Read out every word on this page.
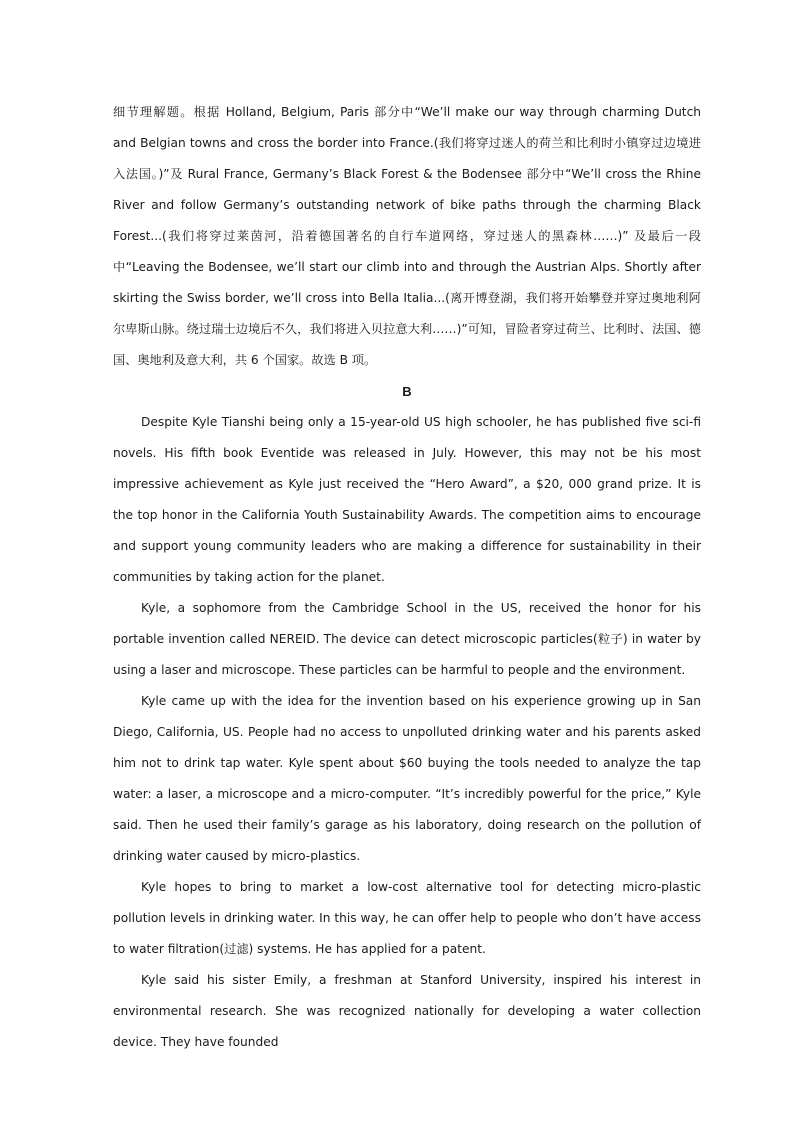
细节理解题。根据 Holland, Belgium, Paris 部分中“We’ll make our way through charming Dutch and Belgian towns and cross the border into France.(我们将穿过迷人的荷兰和比利时小镇穿过边境进入法国。)”及 Rural France, Germany’s Black Forest & the Bodensee 部分中“We’ll cross the Rhine River and follow Germany’s outstanding network of bike paths through the charming Black Forest...(我们将穿过莱茵河，沿着德国著名的自行车道网络，穿过迷人的黑森林……)” 及最后一段中“Leaving the Bodensee, we’ll start our climb into and through the Austrian Alps. Shortly after skirting the Swiss border, we’ll cross into Bella Italia...(离开博登湖，我们将开始攀登并穿过奥地利阿尔卑斯山脉。绕过瑞士边境后不久，我们将进入贝拉意大利……)”可知，冒险者穿过荷兰、比利时、法国、德国、奥地利及意大利，共 6 个国家。故选 B 项。

B

Despite Kyle Tianshi being only a 15-year-old US high schooler, he has published five sci-fi novels. His fifth book Eventide was released in July. However, this may not be his most impressive achievement as Kyle just received the “Hero Award”, a $20, 000 grand prize. It is the top honor in the California Youth Sustainability Awards. The competition aims to encourage and support young community leaders who are making a difference for sustainability in their communities by taking action for the planet.

Kyle, a sophomore from the Cambridge School in the US, received the honor for his portable invention called NEREID. The device can detect microscopic particles(粒子) in water by using a laser and microscope. These particles can be harmful to people and the environment.

Kyle came up with the idea for the invention based on his experience growing up in San Diego, California, US. People had no access to unpolluted drinking water and his parents asked him not to drink tap water. Kyle spent about $60 buying the tools needed to analyze the tap water: a laser, a microscope and a micro-computer. “It’s incredibly powerful for the price,” Kyle said. Then he used their family’s garage as his laboratory, doing research on the pollution of drinking water caused by micro-plastics.

Kyle hopes to bring to market a low-cost alternative tool for detecting micro-plastic pollution levels in drinking water. In this way, he can offer help to people who don’t have access to water filtration(过滤) systems. He has applied for a patent.

Kyle said his sister Emily, a freshman at Stanford University, inspired his interest in environmental research. She was recognized nationally for developing a water collection device. They have founded
